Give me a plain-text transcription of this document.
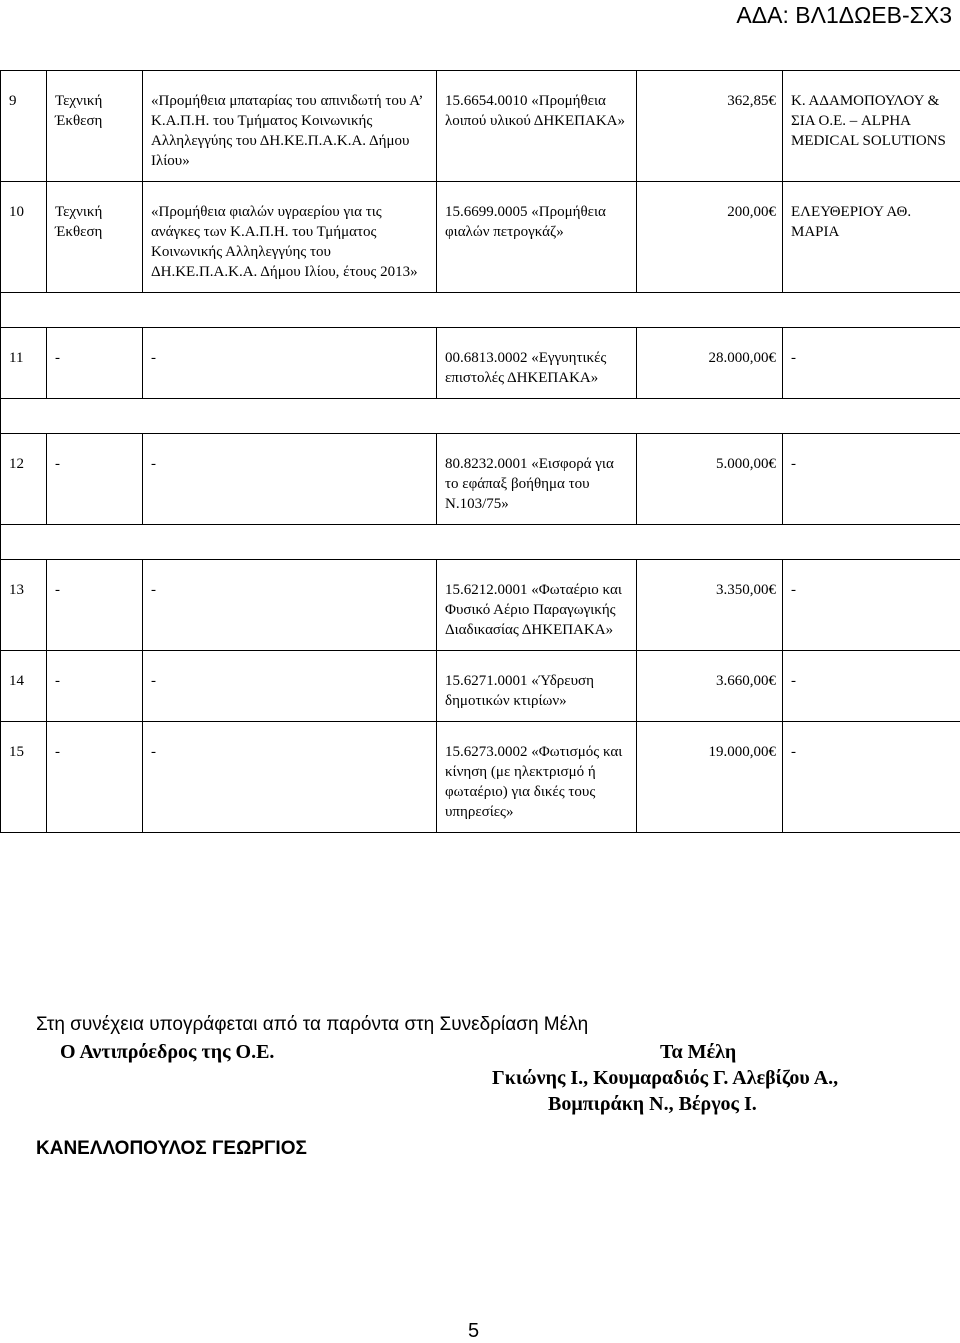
ΑΔΑ: ΒΛ1ΔΩΕΒ-ΣΧ3
9	Τεχνική Έκθεση	«Προμήθεια μπαταρίας του απινιδωτή του Α’ Κ.Α.Π.Η. του Τμήματος Κοινωνικής Αλληλεγγύης του ΔΗ.ΚΕ.Π.Α.Κ.Α. Δήμου Ιλίου»	15.6654.0010 «Προμήθεια λοιπού υλικού ΔΗΚΕΠΑΚΑ»	362,85€	Κ. ΑΔΑΜΟΠΟΥΛΟΥ & ΣΙΑ Ο.Ε. – ALPHA MEDICAL SOLUTIONS
10	Τεχνική Έκθεση	«Προμήθεια φιαλών υγραερίου για τις ανάγκες των Κ.Α.Π.Η. του Τμήματος Κοινωνικής Αλληλεγγύης του ΔΗ.ΚΕ.Π.Α.Κ.Α. Δήμου Ιλίου, έτους 2013»	15.6699.0005 «Προμήθεια φιαλών πετρογκάζ»	200,00€	ΕΛΕΥΘΕΡΙΟΥ ΑΘ. ΜΑΡΙΑ

11	-	-	00.6813.0002 «Εγγυητικές επιστολές ΔΗΚΕΠΑΚΑ»	28.000,00€	-

12	-	-	80.8232.0001 «Εισφορά για το εφάπαξ βοήθημα του Ν.103/75»	5.000,00€	-

13	-	-	15.6212.0001 «Φωταέριο και Φυσικό Αέριο Παραγωγικής Διαδικασίας ΔΗΚΕΠΑΚΑ»	3.350,00€	-
14	-	-	15.6271.0001 «Ύδρευση δημοτικών κτιρίων»	3.660,00€	-
15	-	-	15.6273.0002 «Φωτισμός και κίνηση (με ηλεκτρισμό ή φωταέριο) για δικές τους υπηρεσίες»	19.000,00€	-
Στη συνέχεια υπογράφεται από τα παρόντα στη Συνεδρίαση Μέλη
Ο Αντιπρόεδρος της Ο.Ε.	Τα Μέλη
Γκιώνης Ι., Κουμαραδιός Γ. Αλεβίζου Α.,
Βομπιράκη Ν., Βέργος Ι.
ΚΑΝΕΛΛΟΠΟΥΛΟΣ ΓΕΩΡΓΙΟΣ
5
